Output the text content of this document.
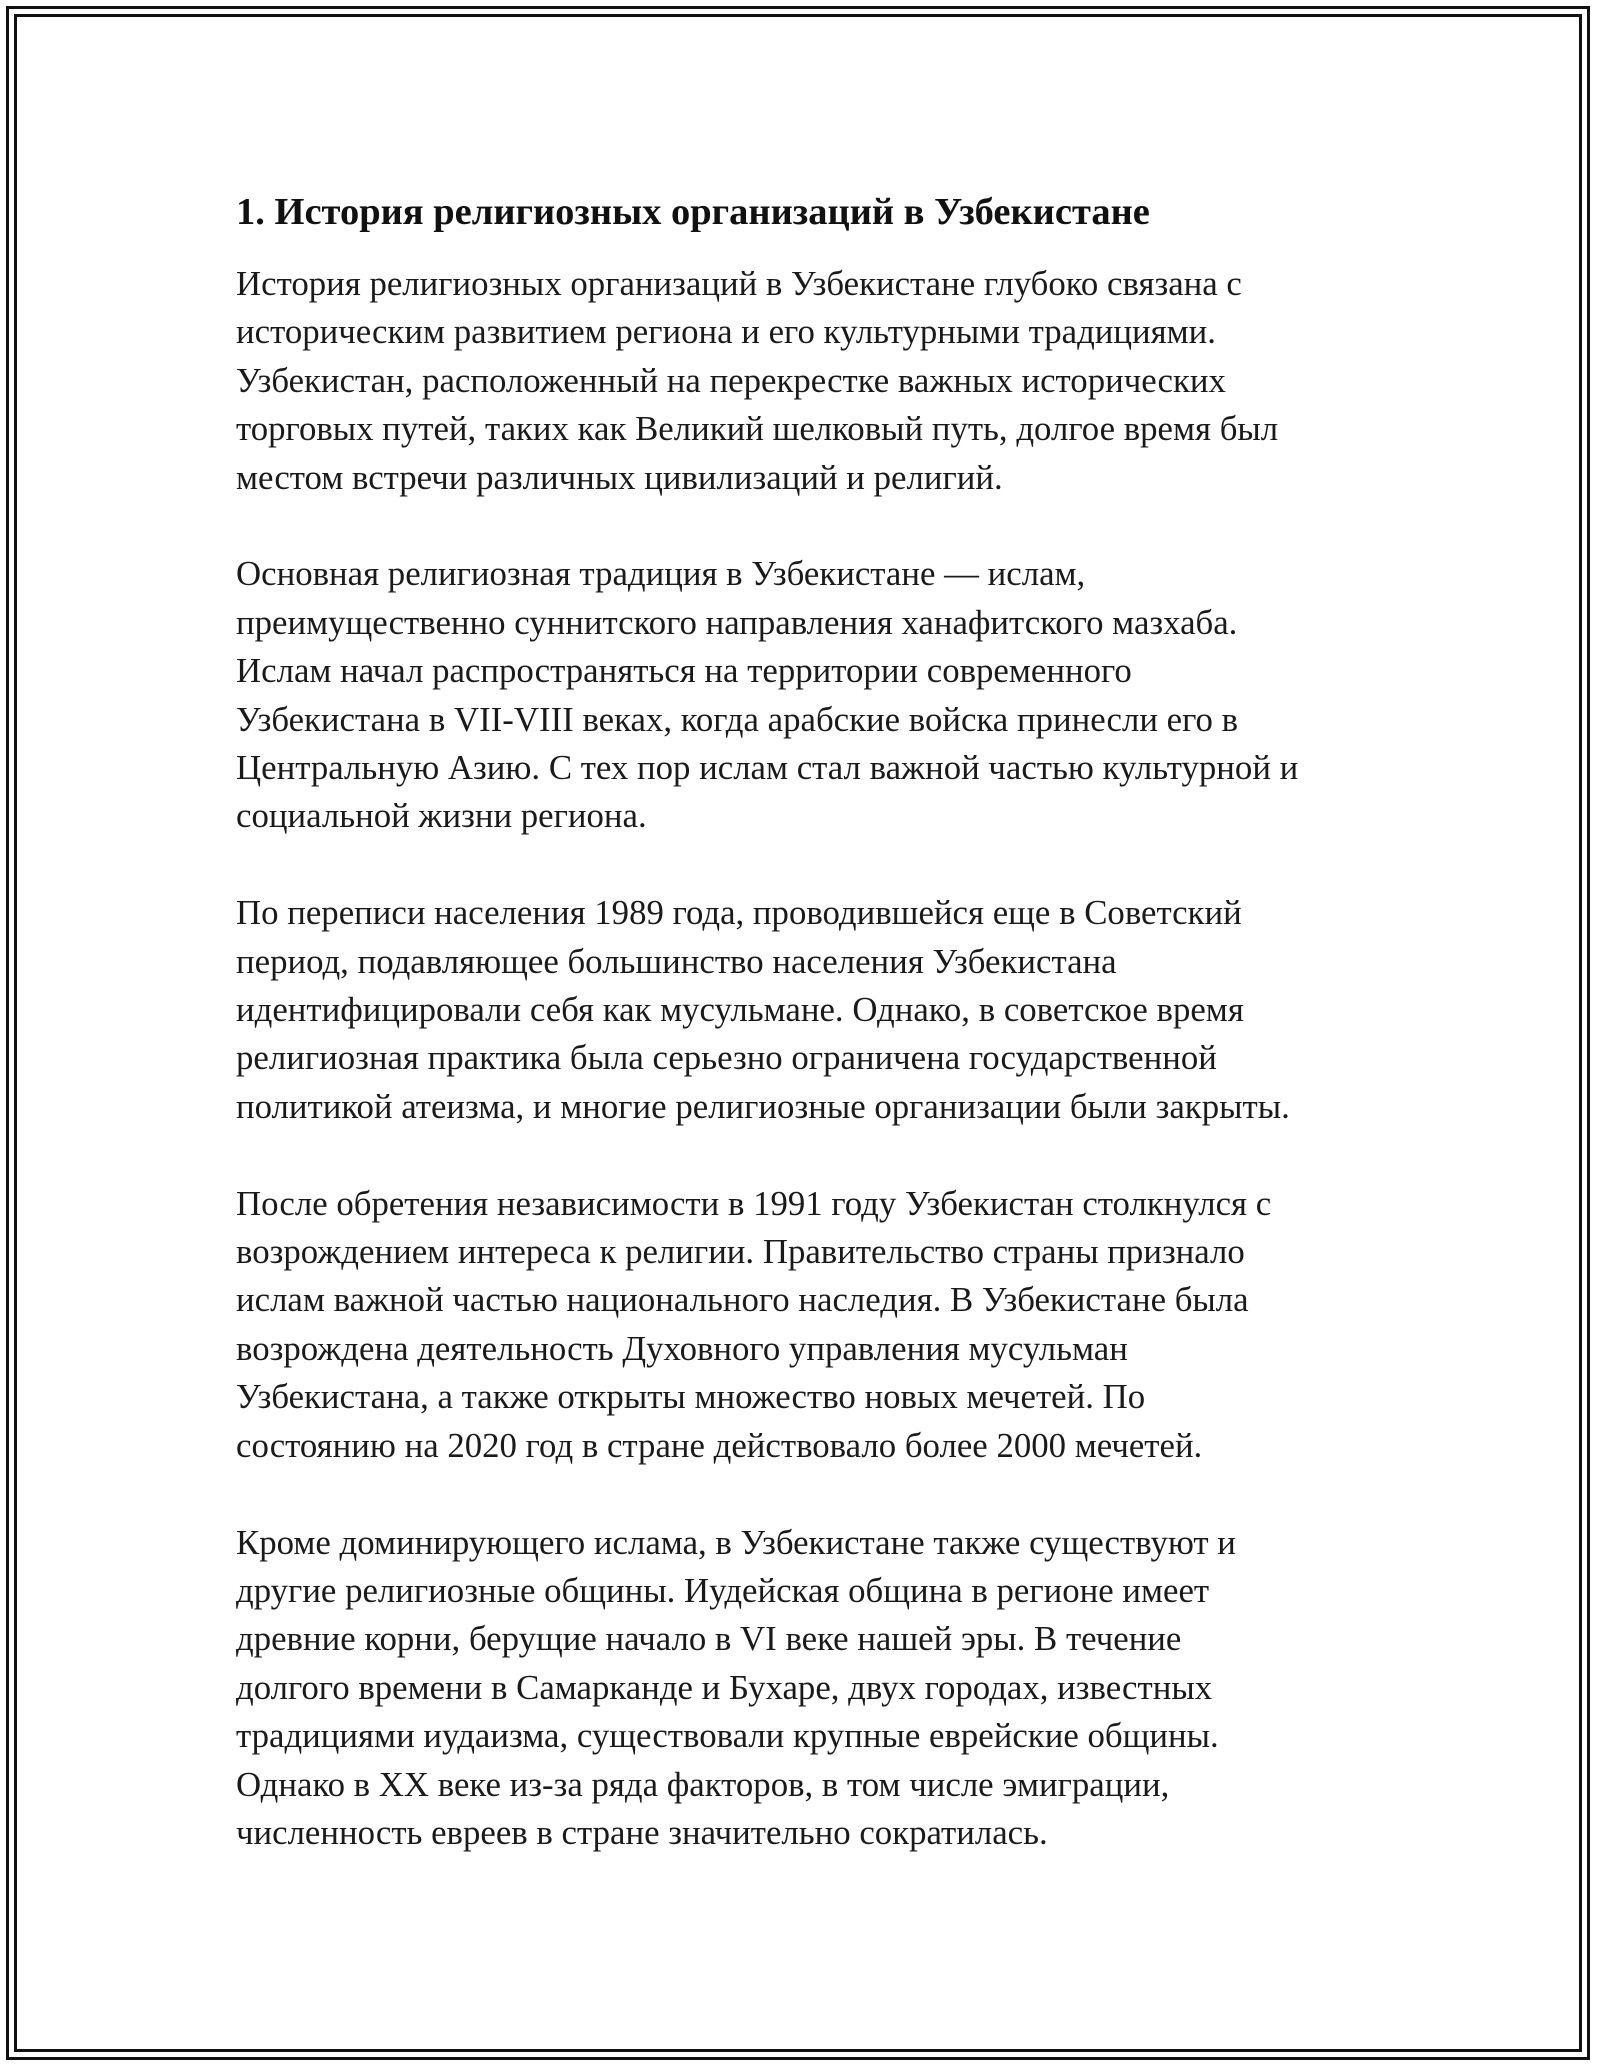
1. История религиозных организаций в Узбекистане

История религиозных организаций в Узбекистане глубоко связана с
историческим развитием региона и его культурными традициями.
Узбекистан, расположенный на перекрестке важных исторических
торговых путей, таких как Великий шелковый путь, долгое время был
местом встречи различных цивилизаций и религий.

Основная религиозная традиция в Узбекистане — ислам,
преимущественно суннитского направления ханафитского мазхаба.
Ислам начал распространяться на территории современного
Узбекистана в VII-VIII веках, когда арабские войска принесли его в
Центральную Азию. С тех пор ислам стал важной частью культурной и
социальной жизни региона.

По переписи населения 1989 года, проводившейся еще в Советский
период, подавляющее большинство населения Узбекистана
идентифицировали себя как мусульмане. Однако, в советское время
религиозная практика была серьезно ограничена государственной
политикой атеизма, и многие религиозные организации были закрыты.

После обретения независимости в 1991 году Узбекистан столкнулся с
возрождением интереса к религии. Правительство страны признало
ислам важной частью национального наследия. В Узбекистане была
возрождена деятельность Духовного управления мусульман
Узбекистана, а также открыты множество новых мечетей. По
состоянию на 2020 год в стране действовало более 2000 мечетей.

Кроме доминирующего ислама, в Узбекистане также существуют и
другие религиозные общины. Иудейская община в регионе имеет
древние корни, берущие начало в VI веке нашей эры. В течение
долгого времени в Самарканде и Бухаре, двух городах, известных
традициями иудаизма, существовали крупные еврейские общины.
Однако в XX веке из-за ряда факторов, в том числе эмиграции,
численность евреев в стране значительно сократилась.
